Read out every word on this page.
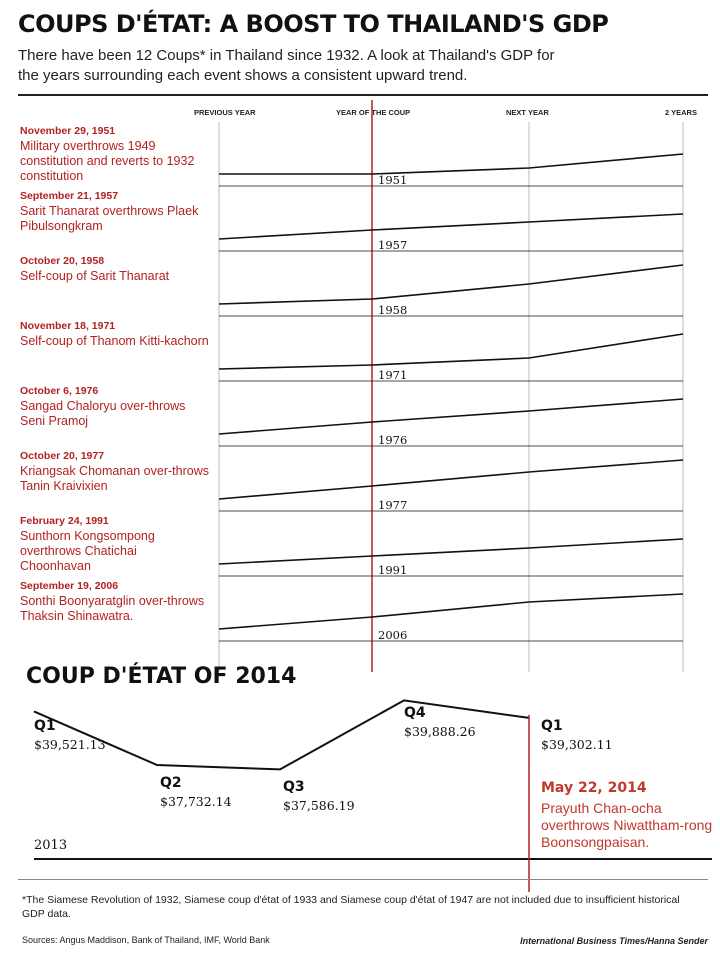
COUPS D'ÉTAT: A BOOST TO THAILAND'S GDP

There have been 12 Coups* in Thailand since 1932. A look at Thailand's GDP for the years surrounding each event shows a consistent upward trend.

PREVIOUS YEAR	YEAR OF THE COUP	NEXT YEAR	2 YEARS
November 29, 1951
Military overthrows 1949 constitution and reverts to 1932 constitution
September 21, 1957
Sarit Thanarat overthrows Plaek Pibulsongkram
October 20, 1958
Self-coup of Sarit Thanarat
November 18, 1971
Self-coup of Thanom Kitti-kachorn
October 6, 1976
Sangad Chaloryu over-throws Seni Pramoj
October 20, 1977
Kriangsak Chomanan over-throws Tanin Kraivixien
February 24, 1991
Sunthorn Kongsompong overthrows Chatichai Choonhavan
September 19, 2006
Sonthi Boonyaratglin over-throws Thaksin Shinawatra.
1951
1957
1958
1971
1976
1977
1991
2006
COUP D'ÉTAT OF 2014
Q1
$39,521.13
Q2
$37,732.14
Q3
$37,586.19
Q4
$39,888.26	Q1
$39,302.11
2013
May 22, 2014
Prayuth Chan-ocha overthrows Niwattham-rong Boonsongpaisan.
*The Siamese Revolution of 1932, Siamese coup d'état of 1933 and Siamese coup d'état of 1947 are not included due to insufficient historical GDP data.
Sources: Angus Maddison, Bank of Thailand, IMF, World Bank	International Business Times/Hanna Sender
